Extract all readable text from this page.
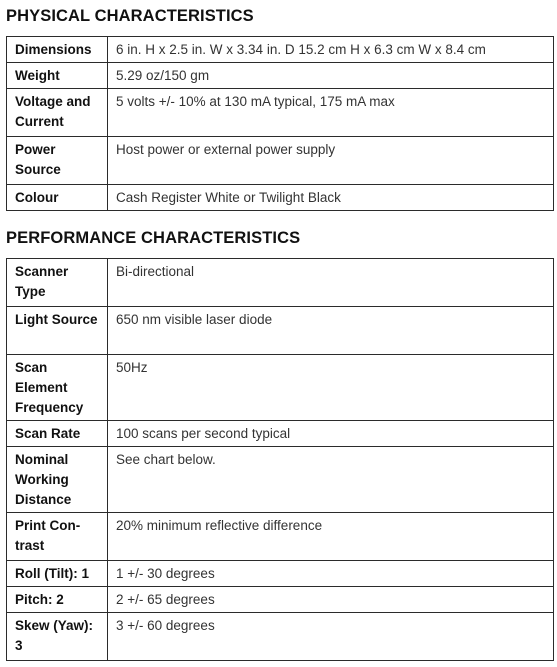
PHYSICAL CHARACTERISTICS
Dimensions	6 in. H x 2.5 in. W x 3.34 in. D 15.2 cm H x 6.3 cm W x 8.4 cm
Weight	5.29 oz/150 gm
Voltage and Current	5 volts +/- 10% at 130 mA typical, 175 mA max
Power Source	Host power or external power supply
Colour	Cash Register White or Twilight Black
PERFORMANCE CHARACTERISTICS
Scanner Type	Bi-directional
Light Source	650 nm visible laser diode
Scan Element Frequency	50Hz
Scan Rate	100 scans per second typical
Nominal Working Distance	See chart below.
Print Con-trast	20% minimum reflective difference
Roll (Tilt): 1	1 +/- 30 degrees
Pitch: 2	2 +/- 65 degrees
Skew (Yaw): 3	3 +/- 60 degrees
